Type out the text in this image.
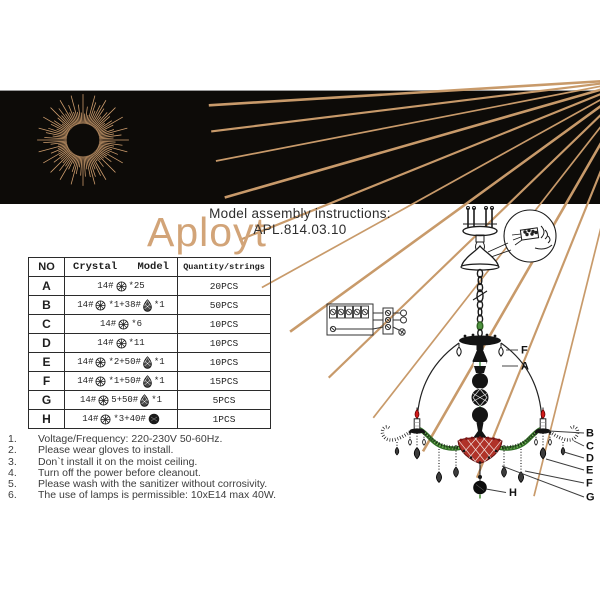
Aployt
Model assembly instructions:
APL.814.03.10
NO	Crystal Model	Quantity/strings
A	14# *25	20PCS
B	14# *1+38# *1	50PCS
C	14# *6	10PCS
D	14# *11	10PCS
E	14# *2+50# *1	10PCS
F	14# *1+50# *1	15PCS
G	14# 5+50# *1	5PCS
H	14# *3+40#	1PCS
F
A
B
C
D
E
F
G
H
1.	Voltage/Frequency: 220-230V 50-60Hz.
2.	Please wear gloves to install.
3.	Don`t install it on the moist ceiling.
4.	Turn off the power before cleanout.
5.	Please wash with the sanitizer without corrosivity.
6.	The use of lamps is permissible: 10xE14 max 40W.
